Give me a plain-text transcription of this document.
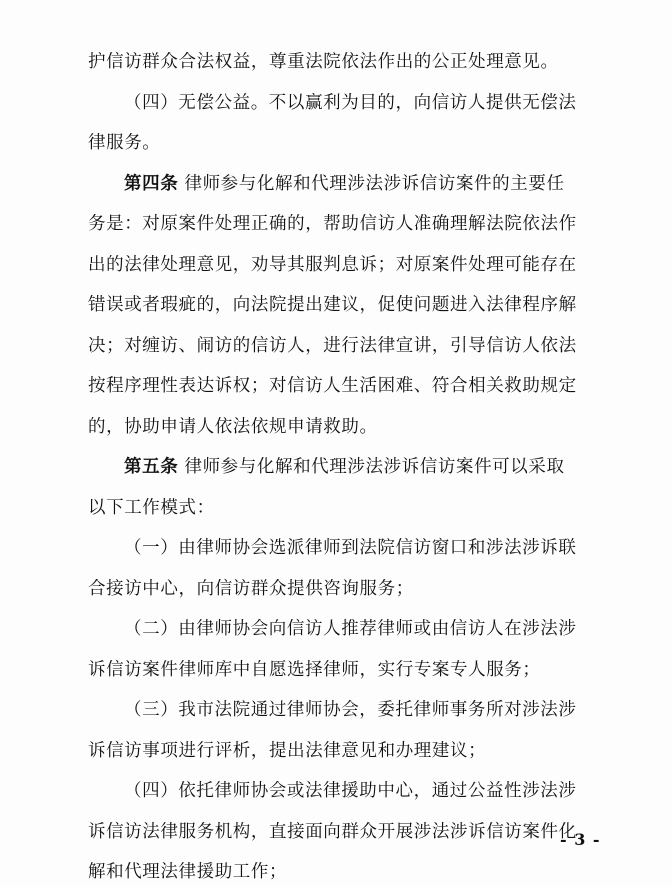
护信访群众合法权益，尊重法院依法作出的公正处理意见。
（四）无偿公益。不以赢利为目的，向信访人提供无偿法
律服务。
第四条 律师参与化解和代理涉法涉诉信访案件的主要任
务是：对原案件处理正确的，帮助信访人准确理解法院依法作
出的法律处理意见，劝导其服判息诉；对原案件处理可能存在
错误或者瑕疵的，向法院提出建议，促使问题进入法律程序解
决；对缠访、闹访的信访人，进行法律宣讲，引导信访人依法
按程序理性表达诉权；对信访人生活困难、符合相关救助规定
的，协助申请人依法依规申请救助。
第五条 律师参与化解和代理涉法涉诉信访案件可以采取
以下工作模式：
（一）由律师协会选派律师到法院信访窗口和涉法涉诉联
合接访中心，向信访群众提供咨询服务；
（二）由律师协会向信访人推荐律师或由信访人在涉法涉
诉信访案件律师库中自愿选择律师，实行专案专人服务；
（三）我市法院通过律师协会，委托律师事务所对涉法涉
诉信访事项进行评析，提出法律意见和办理建议；
（四）依托律师协会或法律援助中心，通过公益性涉法涉
诉信访法律服务机构，直接面向群众开展涉法涉诉信访案件化
解和代理法律援助工作；
- 3 -
